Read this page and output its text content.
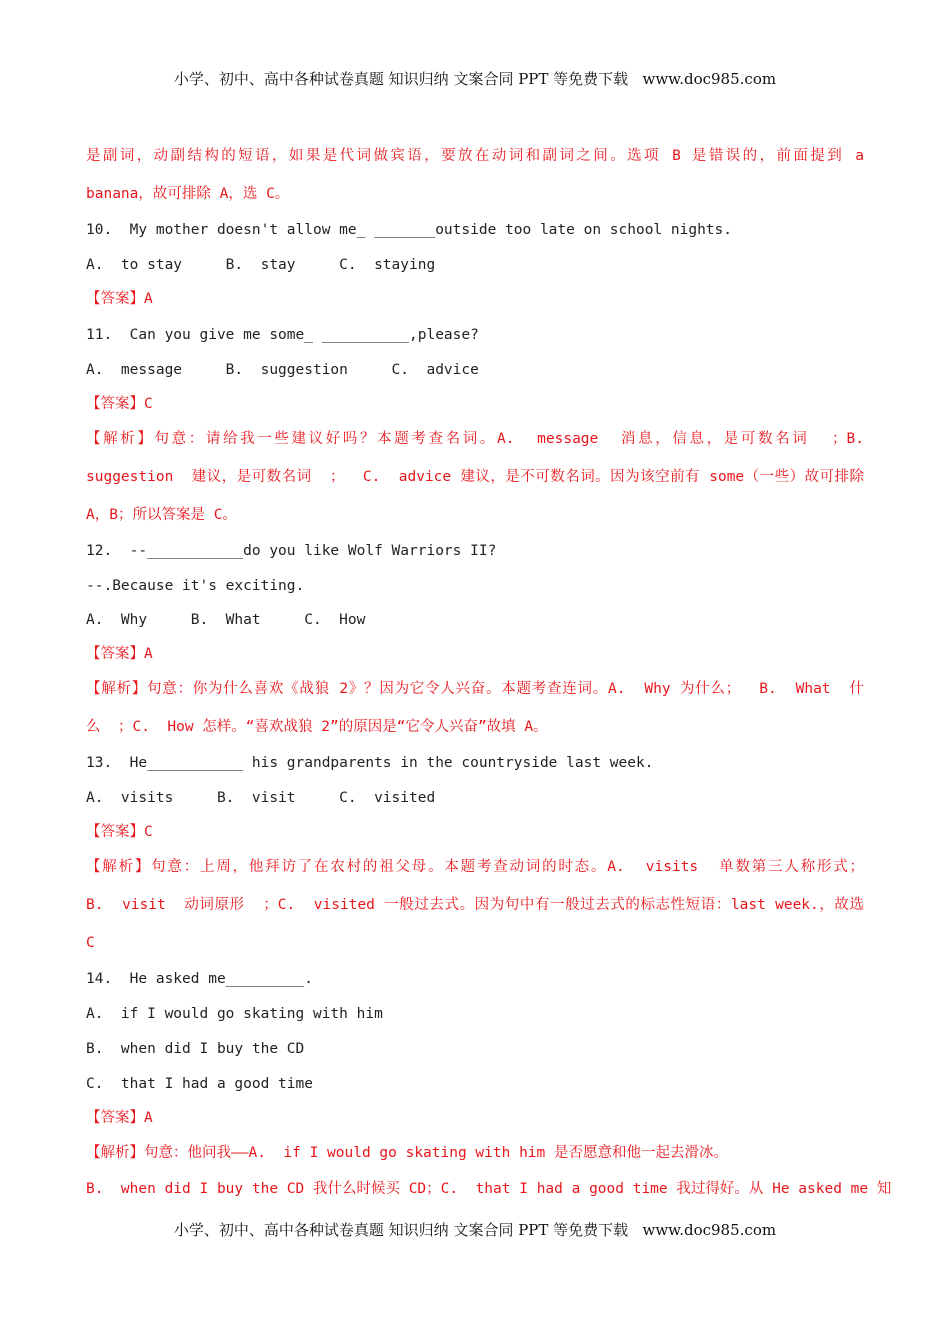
小学、初中、高中各种试卷真题 知识归纳 文案合同 PPT 等免费下载   www.doc985.com
是副词，动副结构的短语，如果是代词做宾语，要放在动词和副词之间。选项 B 是错误的，前面提到 a
banana，故可排除 A，选 C。
10.  My mother doesn't allow me_ _______outside too late on school nights.
A.  to stay     B.  stay     C.  staying
【答案】A
11.  Can you give me some_ __________,please?
A.  message     B.  suggestion     C.  advice
【答案】C
【解析】句意：请给我一些建议好吗？本题考查名词。A.  message  消息，信息，是可数名词  ；B.
suggestion  建议，是可数名词  ；  C.  advice 建议，是不可数名词。因为该空前有 some（一些）故可排除
A，B；所以答案是 C。
12.  --___________do you like Wolf Warriors II?
--.Because it's exciting.
A.  Why     B.  What     C.  How
【答案】A
【解析】句意：你为什么喜欢《战狼 2》？因为它令人兴奋。本题考查连词。A.  Why 为什么；  B.  What  什
么  ；C.  How 怎样。“喜欢战狼 2”的原因是“它令人兴奋”故填 A。
13.  He___________ his grandparents in the countryside last week.
A.  visits     B.  visit     C.  visited
【答案】C
【解析】句意：上周，他拜访了在农村的祖父母。本题考查动词的时态。A.  visits  单数第三人称形式；
B.  visit  动词原形  ；C.  visited 一般过去式。因为句中有一般过去式的标志性短语：last week.，故选
C
14.  He asked me_________.
A.  if I would go skating with him
B.  when did I buy the CD
C.  that I had a good time
【答案】A
【解析】句意：他问我——A.  if I would go skating with him 是否愿意和他一起去滑冰。
B.  when did I buy the CD 我什么时候买 CD；C.  that I had a good time 我过得好。从 He asked me 知
小学、初中、高中各种试卷真题 知识归纳 文案合同 PPT 等免费下载   www.doc985.com
